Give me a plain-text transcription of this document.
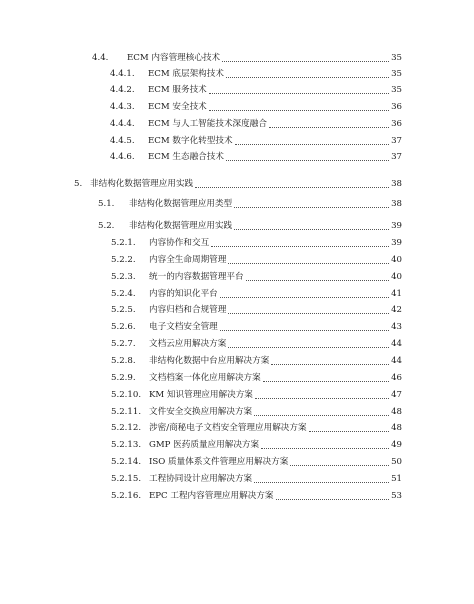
4.4.	ECM 内容管理核心技术	35
4.4.1.	ECM 底层架构技术	35
4.4.2.	ECM 服务技术	35
4.4.3.	ECM 安全技术	36
4.4.4.	ECM 与人工智能技术深度融合	36
4.4.5.	ECM 数字化转型技术	37
4.4.6.	ECM 生态融合技术	37
5. 非结构化数据管理应用实践	38
5.1.	非结构化数据管理应用类型	38
5.2.	非结构化数据管理应用实践	39
5.2.1.	内容协作和交互	39
5.2.2.	内容全生命周期管理	40
5.2.3.	统一的内容数据管理平台	40
5.2.4.	内容的知识化平台	41
5.2.5.	内容归档和合规管理	42
5.2.6.	电子文档安全管理	43
5.2.7.	文档云应用解决方案	44
5.2.8.	非结构化数据中台应用解决方案	44
5.2.9.	文档档案一体化应用解决方案	46
5.2.10. KM 知识管理应用解决方案	47
5.2.11. 文件安全交换应用解决方案	48
5.2.12. 涉密/商秘电子文档安全管理应用解决方案	48
5.2.13. GMP 医药质量应用解决方案	49
5.2.14. ISO 质量体系文件管理应用解决方案	50
5.2.15. 工程协同设计应用解决方案	51
5.2.16. EPC 工程内容管理应用解决方案	53
